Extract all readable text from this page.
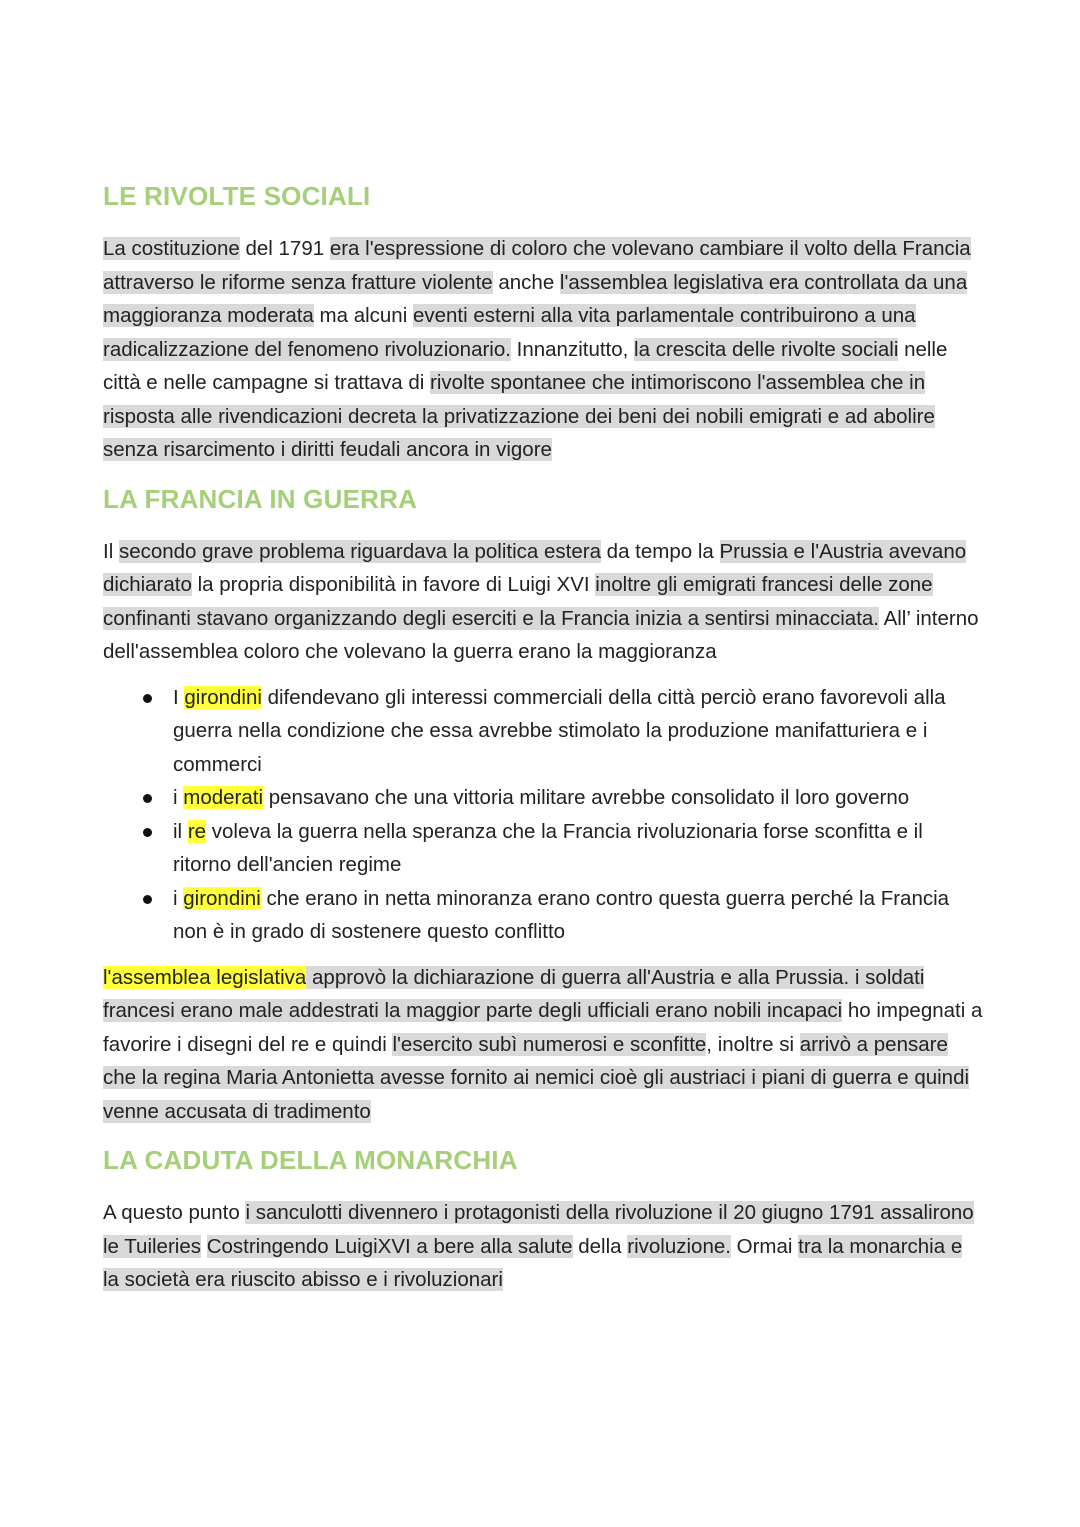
LE RIVOLTE SOCIALI

La costituzione del 1791 era l'espressione di coloro che volevano cambiare il volto della Francia attraverso le riforme senza fratture violente anche l'assemblea legislativa era controllata da una maggioranza moderata ma alcuni eventi esterni alla vita parlamentale contribuirono a una radicalizzazione del fenomeno rivoluzionario. Innanzitutto, la crescita delle rivolte sociali nelle città e nelle campagne si trattava di rivolte spontanee che intimoriscono l'assemblea che in risposta alle rivendicazioni decreta la privatizzazione dei beni dei nobili emigrati e ad abolire senza risarcimento i diritti feudali ancora in vigore

LA FRANCIA IN GUERRA

Il secondo grave problema riguardava la politica estera da tempo la Prussia e l'Austria avevano dichiarato la propria disponibilità in favore di Luigi XVI inoltre gli emigrati francesi delle zone confinanti stavano organizzando degli eserciti e la Francia inizia a sentirsi minacciata. All’ interno dell'assemblea coloro che volevano la guerra erano la maggioranza

I girondini difendevano gli interessi commerciali della città perciò erano favorevoli alla guerra nella condizione che essa avrebbe stimolato la produzione manifatturiera e i commerci
i moderati pensavano che una vittoria militare avrebbe consolidato il loro governo
il re voleva la guerra nella speranza che la Francia rivoluzionaria forse sconfitta e il ritorno dell'ancien regime
i girondini che erano in netta minoranza erano contro questa guerra perché la Francia non è in grado di sostenere questo conflitto

l'assemblea legislativa approvò la dichiarazione di guerra all'Austria e alla Prussia. i soldati francesi erano male addestrati la maggior parte degli ufficiali erano nobili incapaci ho impegnati a favorire i disegni del re e quindi l'esercito subì numerosi e sconfitte, inoltre si arrivò a pensare che la regina Maria Antonietta avesse fornito ai nemici cioè gli austriaci i piani di guerra e quindi venne accusata di tradimento

LA CADUTA DELLA MONARCHIA

A questo punto i sanculotti divennero i protagonisti della rivoluzione il 20 giugno 1791 assalirono le Tuileries Costringendo LuigiXVI a bere alla salute della rivoluzione. Ormai tra la monarchia e la società era riuscito abisso e i rivoluzionari
